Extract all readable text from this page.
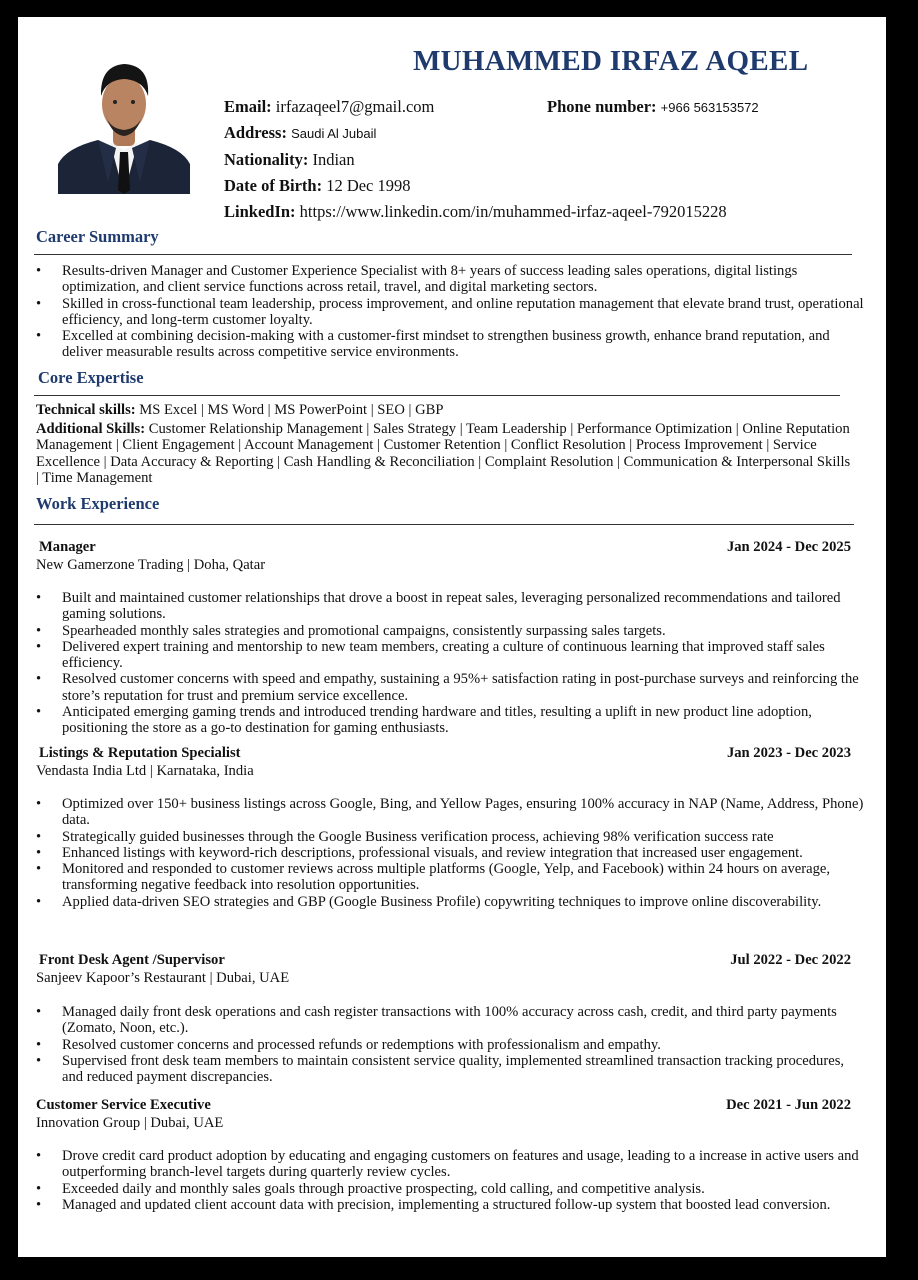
MUHAMMED IRFAZ AQEEL
Email: irfazaqeel7@gmail.com	Phone number: +966 563153572
Address: Saudi Al Jubail
Nationality: Indian
Date of Birth: 12 Dec 1998
LinkedIn: https://www.linkedin.com/in/muhammed-irfaz-aqeel-792015228
Career Summary
• Results-driven Manager and Customer Experience Specialist with 8+ years of success leading sales operations, digital listings optimization, and client service functions across retail, travel, and digital marketing sectors.
• Skilled in cross-functional team leadership, process improvement, and online reputation management that elevate brand trust, operational efficiency, and long-term customer loyalty.
• Excelled at combining decision-making with a customer-first mindset to strengthen business growth, enhance brand reputation, and deliver measurable results across competitive service environments.
Core Expertise
Technical skills: MS Excel | MS Word | MS PowerPoint | SEO | GBP
Additional Skills: Customer Relationship Management | Sales Strategy | Team Leadership | Performance Optimization | Online Reputation Management | Client Engagement | Account Management | Customer Retention | Conflict Resolution | Process Improvement | Service Excellence | Data Accuracy & Reporting | Cash Handling & Reconciliation | Complaint Resolution | Communication & Interpersonal Skills | Time Management
Work Experience
Manager	Jan 2024 - Dec 2025
New Gamerzone Trading | Doha, Qatar
• Built and maintained customer relationships that drove a boost in repeat sales, leveraging personalized recommendations and tailored gaming solutions.
• Spearheaded monthly sales strategies and promotional campaigns, consistently surpassing sales targets.
• Delivered expert training and mentorship to new team members, creating a culture of continuous learning that improved staff sales efficiency.
• Resolved customer concerns with speed and empathy, sustaining a 95%+ satisfaction rating in post-purchase surveys and reinforcing the store’s reputation for trust and premium service excellence.
• Anticipated emerging gaming trends and introduced trending hardware and titles, resulting a uplift in new product line adoption, positioning the store as a go-to destination for gaming enthusiasts.
Listings & Reputation Specialist	Jan 2023 - Dec 2023
Vendasta India Ltd | Karnataka, India
• Optimized over 150+ business listings across Google, Bing, and Yellow Pages, ensuring 100% accuracy in NAP (Name, Address, Phone) data.
• Strategically guided businesses through the Google Business verification process, achieving 98% verification success rate
• Enhanced listings with keyword-rich descriptions, professional visuals, and review integration that increased user engagement.
• Monitored and responded to customer reviews across multiple platforms (Google, Yelp, and Facebook) within 24 hours on average, transforming negative feedback into resolution opportunities.
• Applied data-driven SEO strategies and GBP (Google Business Profile) copywriting techniques to improve online discoverability.
Front Desk Agent /Supervisor	Jul 2022 - Dec 2022
Sanjeev Kapoor’s Restaurant | Dubai, UAE
• Managed daily front desk operations and cash register transactions with 100% accuracy across cash, credit, and third party payments (Zomato, Noon, etc.).
• Resolved customer concerns and processed refunds or redemptions with professionalism and empathy.
• Supervised front desk team members to maintain consistent service quality, implemented streamlined transaction tracking procedures, and reduced payment discrepancies.
Customer Service Executive	Dec 2021 - Jun 2022
Innovation Group | Dubai, UAE
• Drove credit card product adoption by educating and engaging customers on features and usage, leading to a increase in active users and outperforming branch-level targets during quarterly review cycles.
• Exceeded daily and monthly sales goals through proactive prospecting, cold calling, and competitive analysis.
• Managed and updated client account data with precision, implementing a structured follow-up system that boosted lead conversion.
